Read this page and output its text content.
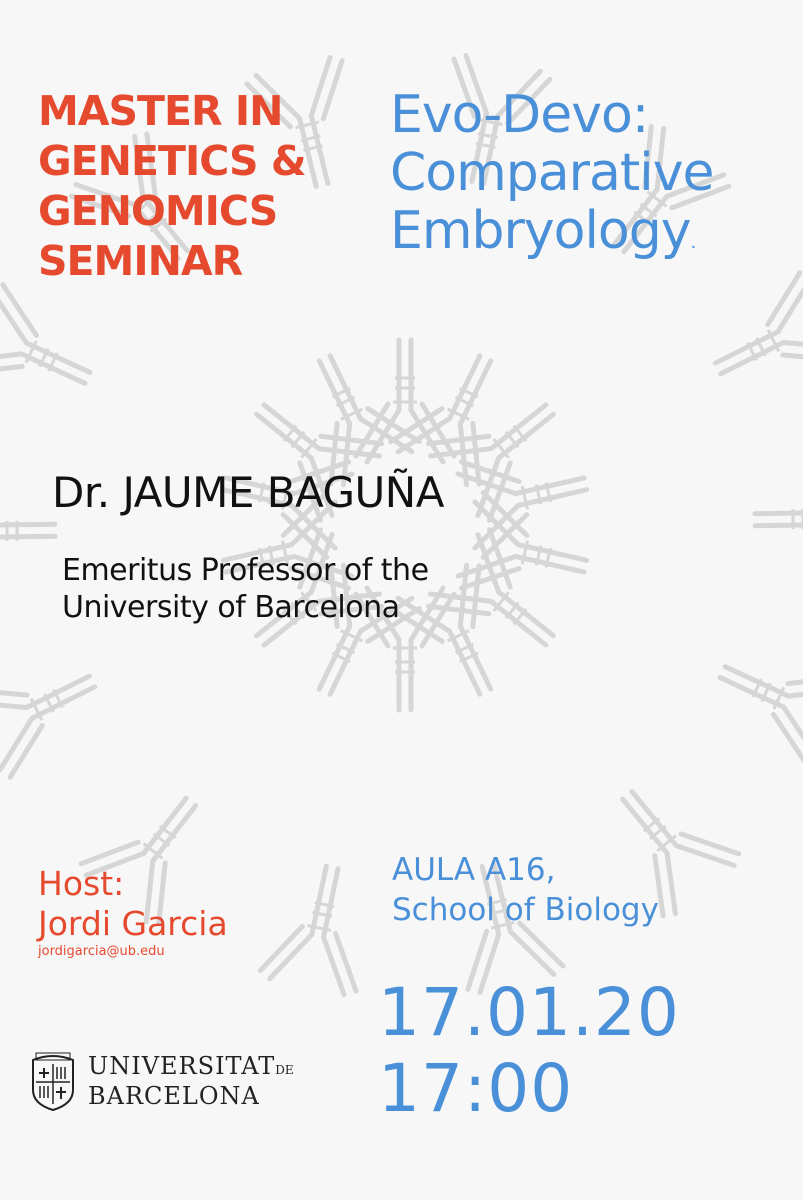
MASTER IN
GENETICS &
GENOMICS
SEMINAR
Evo-Devo:
Comparative
Embryology.
Dr. JAUME BAGUÑA
Emeritus Professor of the
University of Barcelona
Host:
Jordi Garcia
jordigarcia@ub.edu
AULA A16,
School of Biology
17.01.20
17:00
UNIVERSITATDE
BARCELONA
